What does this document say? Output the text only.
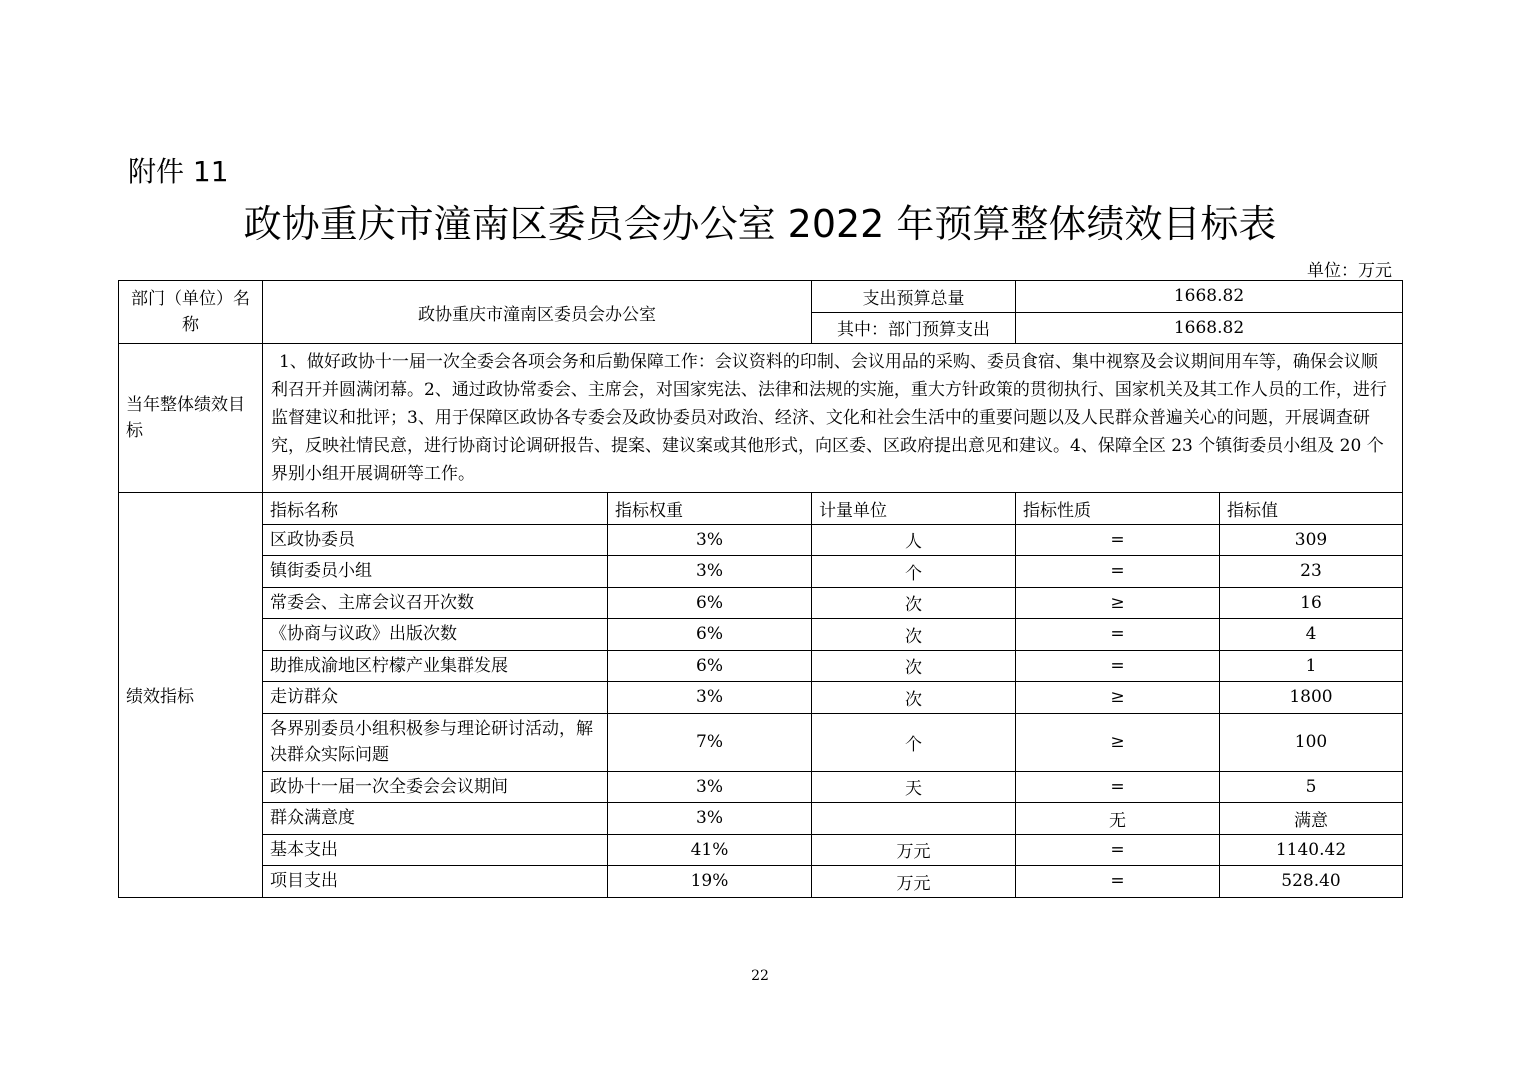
附件 11
政协重庆市潼南区委员会办公室 2022 年预算整体绩效目标表
单位：万元
部门（单位）名称	政协重庆市潼南区委员会办公室		支出预算总量	1668.82	
			其中：部门预算支出	1668.82	
当年整体绩效目标	1、做好政协十一届一次全委会各项会务和后勤保障工作：会议资料的印制、会议用品的采购、委员食宿、集中视察及会议期间用车等，确保会议顺利召开并圆满闭幕。2、通过政协常委会、主席会，对国家宪法、法律和法规的实施，重大方针政策的贯彻执行、国家机关及其工作人员的工作，进行监督建议和批评；3、用于保障区政协各专委会及政协委员对政治、经济、文化和社会生活中的重要问题以及人民群众普遍关心的问题，开展调查研究，反映社情民意，进行协商讨论调研报告、提案、建议案或其他形式，向区委、区政府提出意见和建议。4、保障全区 23 个镇街委员小组及 20 个界别小组开展调研等工作。				
绩效指标	指标名称	指标权重	计量单位	指标性质	指标值
	区政协委员	3%	人	=	309
	镇街委员小组	3%	个	=	23
	常委会、主席会议召开次数	6%	次	≥	16
	《协商与议政》出版次数	6%	次	=	4
	助推成渝地区柠檬产业集群发展	6%	次	=	1
	走访群众	3%	次	≥	1800
	各界别委员小组积极参与理论研讨活动，解决群众实际问题	7%	个	≥	100
	政协十一届一次全委会会议期间	3%	天	=	5
	群众满意度	3%		无	满意
	基本支出	41%	万元	=	1140.42
	项目支出	19%	万元	=	528.40
22
